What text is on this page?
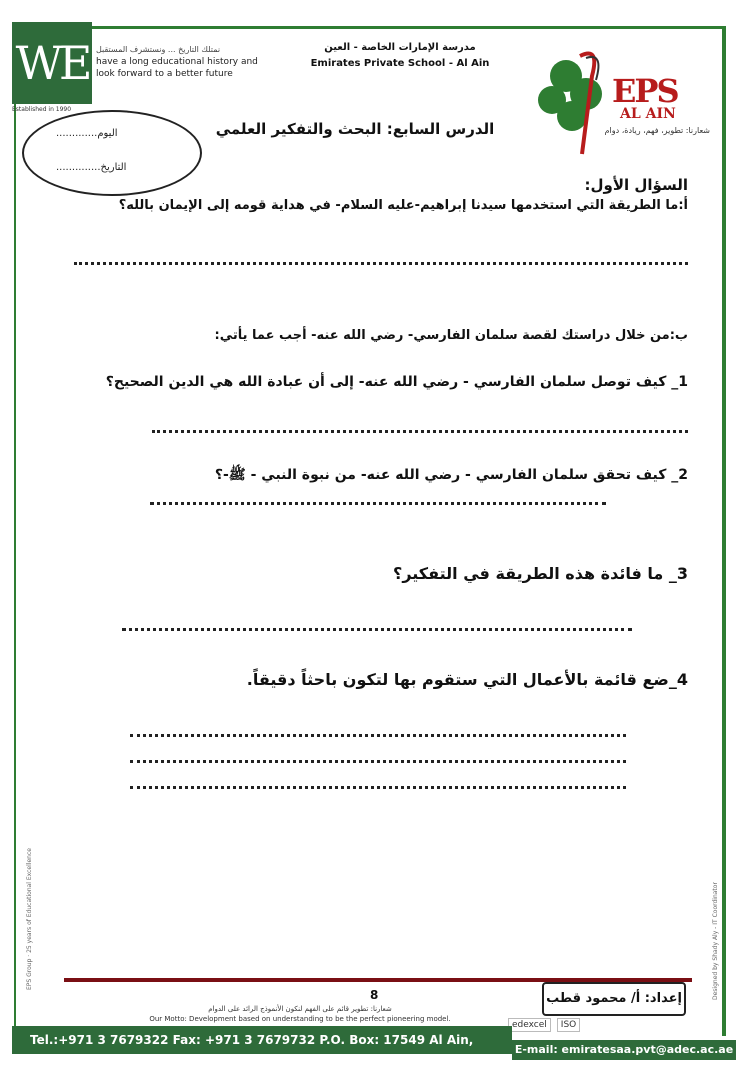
WE
Established in 1990
نمتلك التاريخ ... ونستشرف المستقبل
have a long educational history and
look forward to a better future
مدرسة الإمارات الخاصة - العين
Emirates Private School - Al Ain
EPS
AL AIN
شعارنا: تطوير، فهم، ريادة، دوام
اليوم.............
التاريخ..............
الدرس السابع: البحث والتفكير العلمي
السؤال الأول:
أ:ما الطريقة التي استخدمها سيدنا إبراهيم-عليه السلام- في هداية قومه إلى الإيمان بالله؟
ب:من خلال دراستك لقصة سلمان الفارسي- رضي الله عنه- أجب عما يأتي:
1_ كيف توصل سلمان الفارسي - رضي الله عنه- إلى أن عبادة الله هي الدين الصحيح؟
2_ كيف تحقق سلمان الفارسي - رضي الله عنه- من نبوة النبي - ﷺ-؟
3_ ما فائدة هذه الطريقة في التفكير؟
4_ضع قائمة بالأعمال التي ستقوم بها لتكون باحثاً دقيقاً.
EPS Group · 25 years of Educational Excellence	Designed by Shady Aly - IT Coordinator
8	إعداد: أ/ محمود قطب
شعارنا: تطوير قائم على الفهم لنكون الأنموذج الرائد على الدوام
Our Motto: Development based on understanding to be the perfect pioneering model.
edexcel	ISO
Tel.:+971 3 7679322 Fax: +971 3 7679732 P.O. Box: 17549 Al Ain, U.A.E.
E-mail: emiratesaa.pvt@adec.ac.ae
